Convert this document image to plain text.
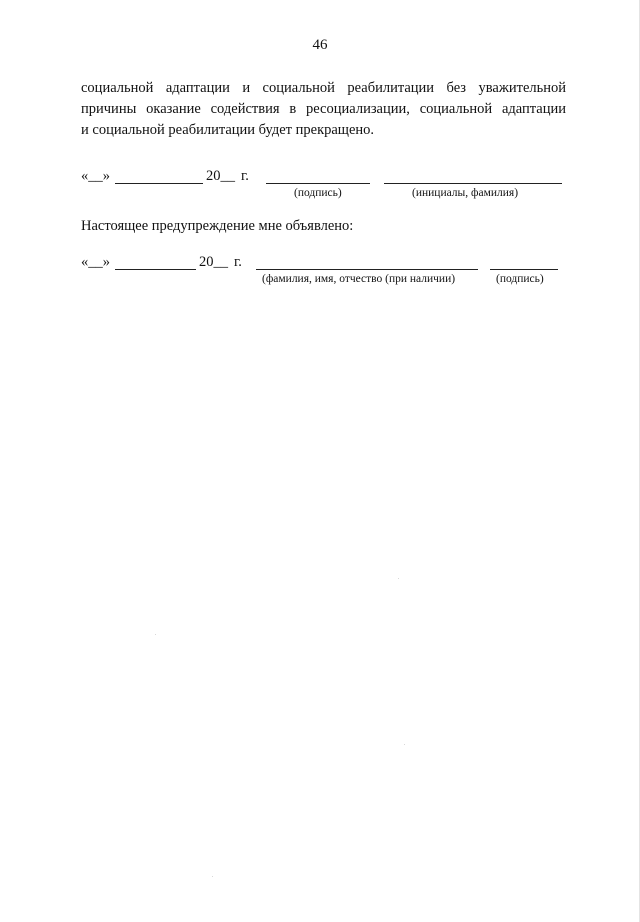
46
социальной адаптации и социальной реабилитации без уважительной
причины оказание содействия в ресоциализации, социальной адаптации
и социальной реабилитации будет прекращено.
«__»	20__ г.
(подпись)	(инициалы, фамилия)
Настоящее предупреждение мне объявлено:
«__»	20__ г.
(фамилия, имя, отчество (при наличии)	(подпись)
